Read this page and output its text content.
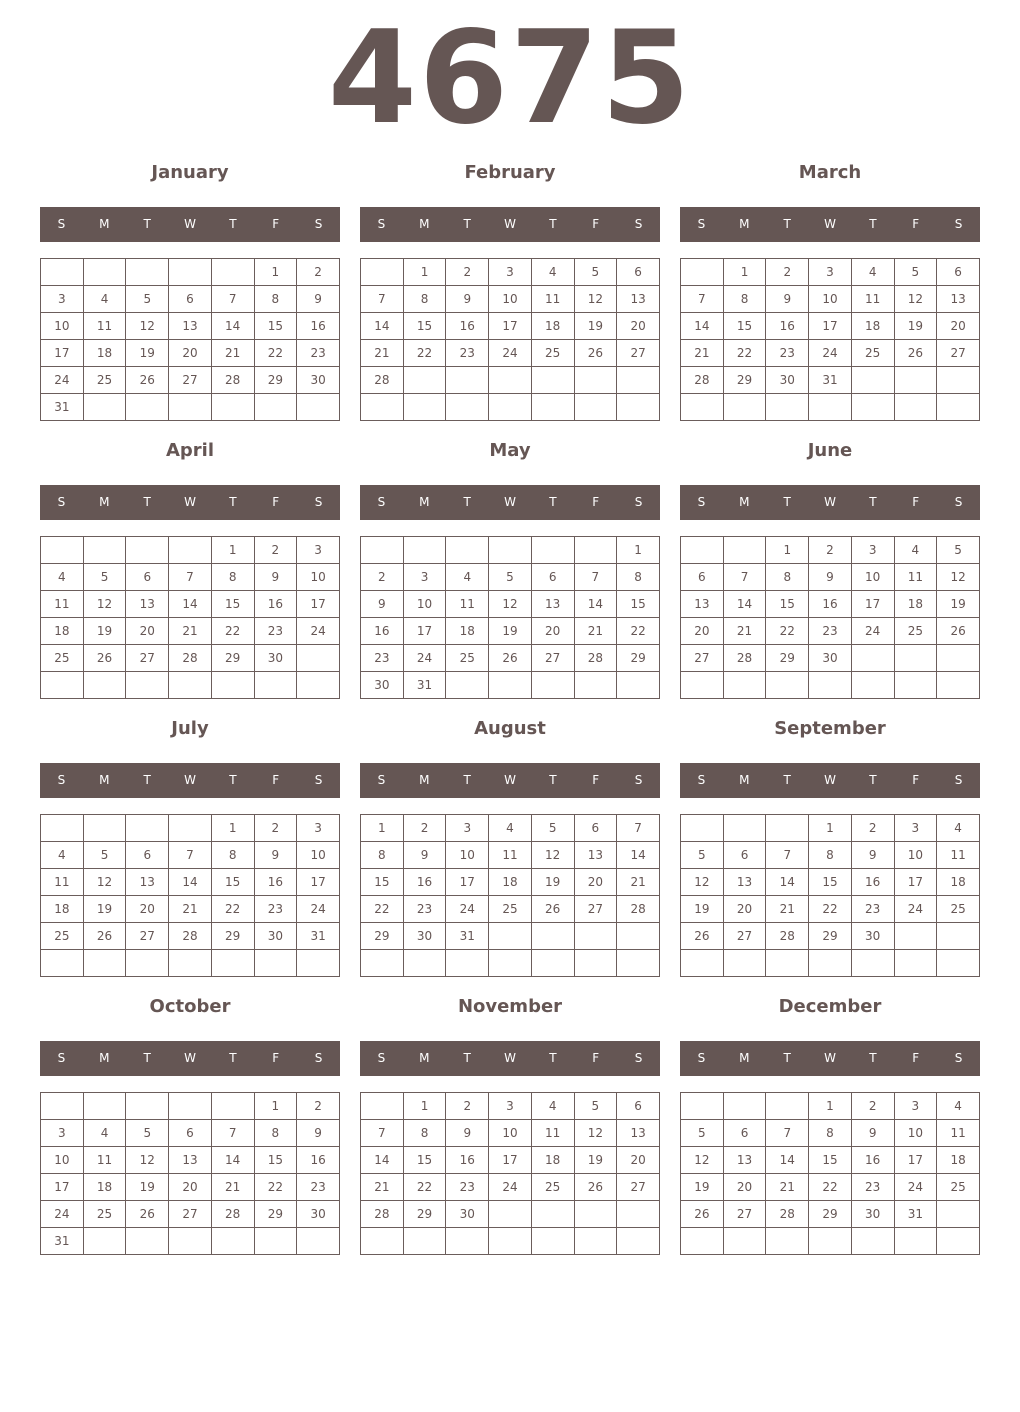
4675
January
S	M	T	W	T	F	S
					1	2
3	4	5	6	7	8	9
10	11	12	13	14	15	16
17	18	19	20	21	22	23
24	25	26	27	28	29	30
31						
February
S	M	T	W	T	F	S
	1	2	3	4	5	6
7	8	9	10	11	12	13
14	15	16	17	18	19	20
21	22	23	24	25	26	27
28						

March
S	M	T	W	T	F	S
	1	2	3	4	5	6
7	8	9	10	11	12	13
14	15	16	17	18	19	20
21	22	23	24	25	26	27
28	29	30	31			

April
S	M	T	W	T	F	S
				1	2	3
4	5	6	7	8	9	10
11	12	13	14	15	16	17
18	19	20	21	22	23	24
25	26	27	28	29	30	

May
S	M	T	W	T	F	S
						1
2	3	4	5	6	7	8
9	10	11	12	13	14	15
16	17	18	19	20	21	22
23	24	25	26	27	28	29
30	31					
June
S	M	T	W	T	F	S
		1	2	3	4	5
6	7	8	9	10	11	12
13	14	15	16	17	18	19
20	21	22	23	24	25	26
27	28	29	30			

July
S	M	T	W	T	F	S
				1	2	3
4	5	6	7	8	9	10
11	12	13	14	15	16	17
18	19	20	21	22	23	24
25	26	27	28	29	30	31

August
S	M	T	W	T	F	S
1	2	3	4	5	6	7
8	9	10	11	12	13	14
15	16	17	18	19	20	21
22	23	24	25	26	27	28
29	30	31				

September
S	M	T	W	T	F	S
			1	2	3	4
5	6	7	8	9	10	11
12	13	14	15	16	17	18
19	20	21	22	23	24	25
26	27	28	29	30		

October
S	M	T	W	T	F	S
					1	2
3	4	5	6	7	8	9
10	11	12	13	14	15	16
17	18	19	20	21	22	23
24	25	26	27	28	29	30
31						
November
S	M	T	W	T	F	S
	1	2	3	4	5	6
7	8	9	10	11	12	13
14	15	16	17	18	19	20
21	22	23	24	25	26	27
28	29	30				

December
S	M	T	W	T	F	S
			1	2	3	4
5	6	7	8	9	10	11
12	13	14	15	16	17	18
19	20	21	22	23	24	25
26	27	28	29	30	31	
